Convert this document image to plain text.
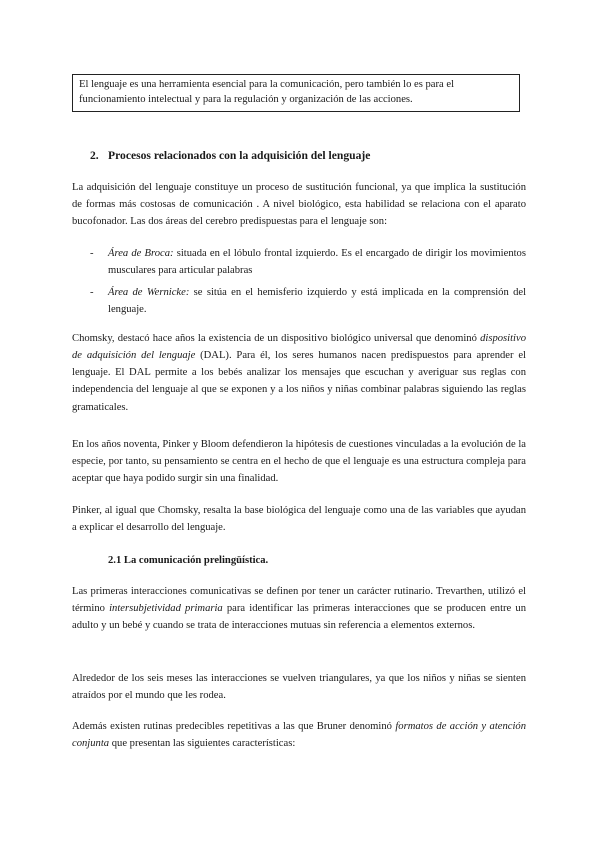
El lenguaje es una herramienta esencial para la comunicación, pero también lo es para el funcionamiento intelectual y para la regulación y organización de las acciones.
2. Procesos relacionados con la adquisición del lenguaje

La adquisición del lenguaje constituye un proceso de sustitución funcional, ya que implica la sustitución de formas más costosas de comunicación . A nivel biológico, esta habilidad se relaciona con el aparato bucofonador. Las dos áreas del cerebro predispuestas para el lenguaje son:

- Área de Broca: situada en el lóbulo frontal izquierdo. Es el encargado de dirigir los movimientos musculares para articular palabras
- Área de Wernicke: se sitúa en el hemisferio izquierdo y está implicada en la comprensión del lenguaje.

Chomsky, destacó hace años la existencia de un dispositivo biológico universal que denominó dispositivo de adquisición del lenguaje (DAL). Para él, los seres humanos nacen predispuestos para aprender el lenguaje. El DAL permite a los bebés analizar los mensajes que escuchan y averiguar sus reglas con independencia del lenguaje al que se exponen y a los niños y niñas combinar palabras siguiendo las reglas gramaticales.

En los años noventa, Pinker y Bloom defendieron la hipótesis de cuestiones vinculadas a la evolución de la especie, por tanto, su pensamiento se centra en el hecho de que el lenguaje es una estructura compleja para aceptar que haya podido surgir sin una finalidad.

Pinker, al igual que Chomsky, resalta la base biológica del lenguaje como una de las variables que ayudan a explicar el desarrollo del lenguaje.

2.1 La comunicación prelingüística.

Las primeras interacciones comunicativas se definen por tener un carácter rutinario. Trevarthen, utilizó el término intersubjetividad primaria para identificar las primeras interacciones que se producen entre un adulto y un bebé y cuando se trata de interacciones mutuas sin referencia a elementos externos.

Alrededor de los seis meses las interacciones se vuelven triangulares, ya que los niños y niñas se sienten atraídos por el mundo que les rodea.

Además existen rutinas predecibles repetitivas a las que Bruner denominó formatos de acción y atención conjunta que presentan las siguientes características:
